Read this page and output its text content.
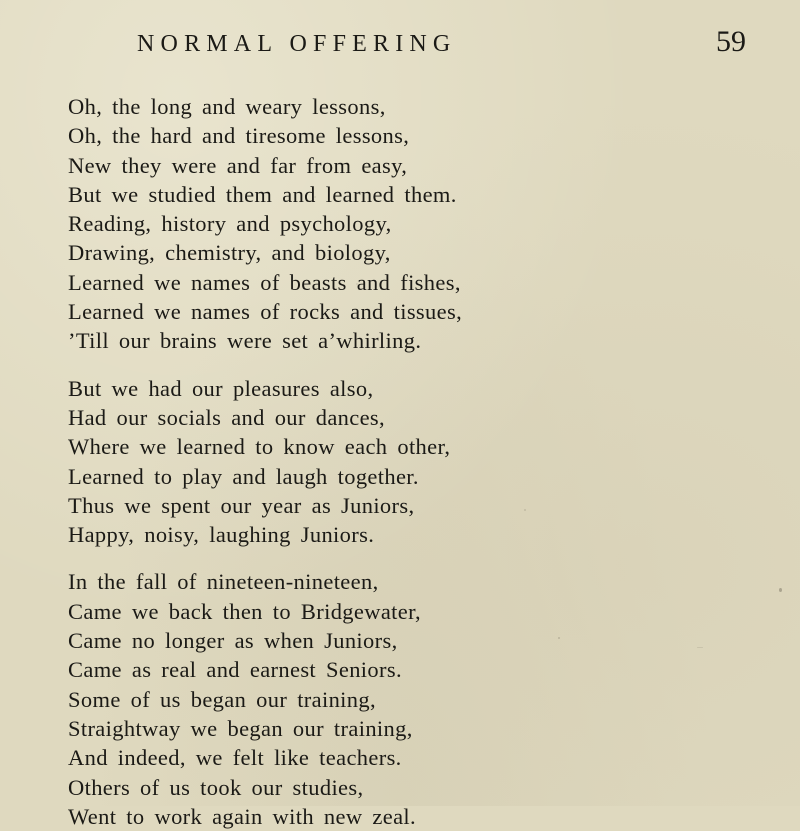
NORMAL OFFERING	59
Oh, the long and weary lessons,
Oh, the hard and tiresome lessons,
New they were and far from easy,
But we studied them and learned them.
Reading, history and psychology,
Drawing, chemistry, and biology,
Learned we names of beasts and fishes,
Learned we names of rocks and tissues,
’Till our brains were set a’whirling.
But we had our pleasures also,
Had our socials and our dances,
Where we learned to know each other,
Learned to play and laugh together.
Thus we spent our year as Juniors,
Happy, noisy, laughing Juniors.
In the fall of nineteen-nineteen,
Came we back then to Bridgewater,
Came no longer as when Juniors,
Came as real and earnest Seniors.
Some of us began our training,
Straightway we began our training,
And indeed, we felt like teachers.
Others of us took our studies,
Went to work again with new zeal.
